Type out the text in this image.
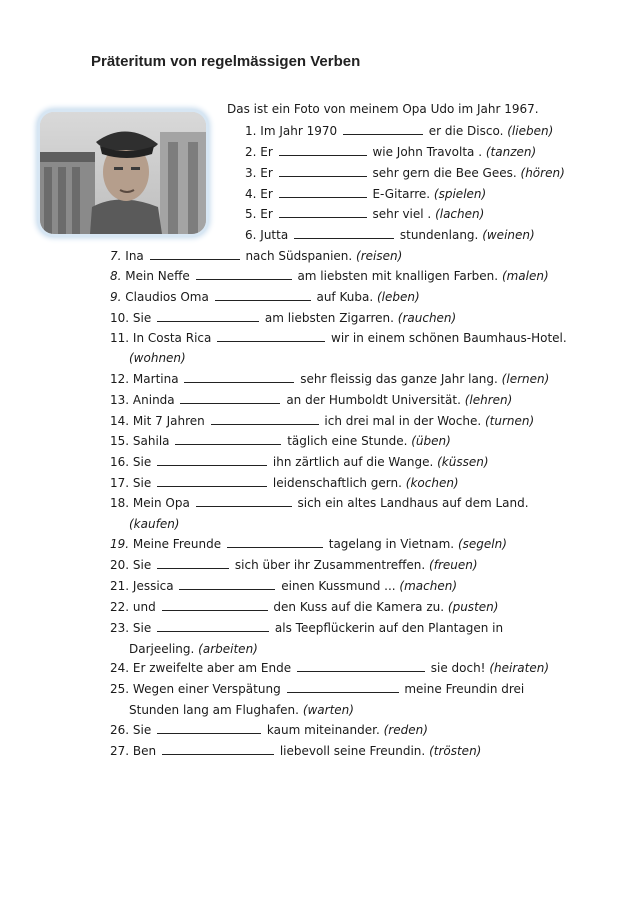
Präteritum von regelmässigen Verben
Das ist ein Foto von meinem Opa Udo im Jahr 1967.
1. Im Jahr 1970	er die Disco. (lieben)
2. Er	wie John Travolta . (tanzen)
3. Er	sehr gern die Bee Gees. (hören)
4. Er	E-Gitarre. (spielen)
5. Er	sehr viel . (lachen)
6. Jutta	stundenlang. (weinen)
7. Ina	nach Südspanien. (reisen)
8. Mein Neffe	am liebsten mit knalligen Farben. (malen)
9. Claudios Oma	auf Kuba. (leben)
10. Sie	am liebsten Zigarren. (rauchen)
11. In Costa Rica	wir in einem schönen Baumhaus-Hotel.
(wohnen)
12. Martina	sehr fleissig das ganze Jahr lang. (lernen)
13. Aninda	an der Humboldt Universität. (lehren)
14. Mit 7 Jahren	ich drei mal in der Woche. (turnen)
15. Sahila	täglich eine Stunde. (üben)
16. Sie	ihn zärtlich auf die Wange. (küssen)
17. Sie	leidenschaftlich gern. (kochen)
18. Mein Opa	sich ein altes Landhaus auf dem Land.
(kaufen)
19. Meine Freunde	tagelang in Vietnam. (segeln)
20. Sie	sich über ihr Zusammentreffen. (freuen)
21. Jessica	einen Kussmund ... (machen)
22. und	den Kuss auf die Kamera zu. (pusten)
23. Sie	als Teepflückerin auf den Plantagen in
Darjeeling. (arbeiten)
24. Er zweifelte aber am Ende	sie doch! (heiraten)
25. Wegen einer Verspätung	meine Freundin drei
Stunden lang am Flughafen. (warten)
26. Sie	kaum miteinander. (reden)
27. Ben	liebevoll seine Freundin. (trösten)
